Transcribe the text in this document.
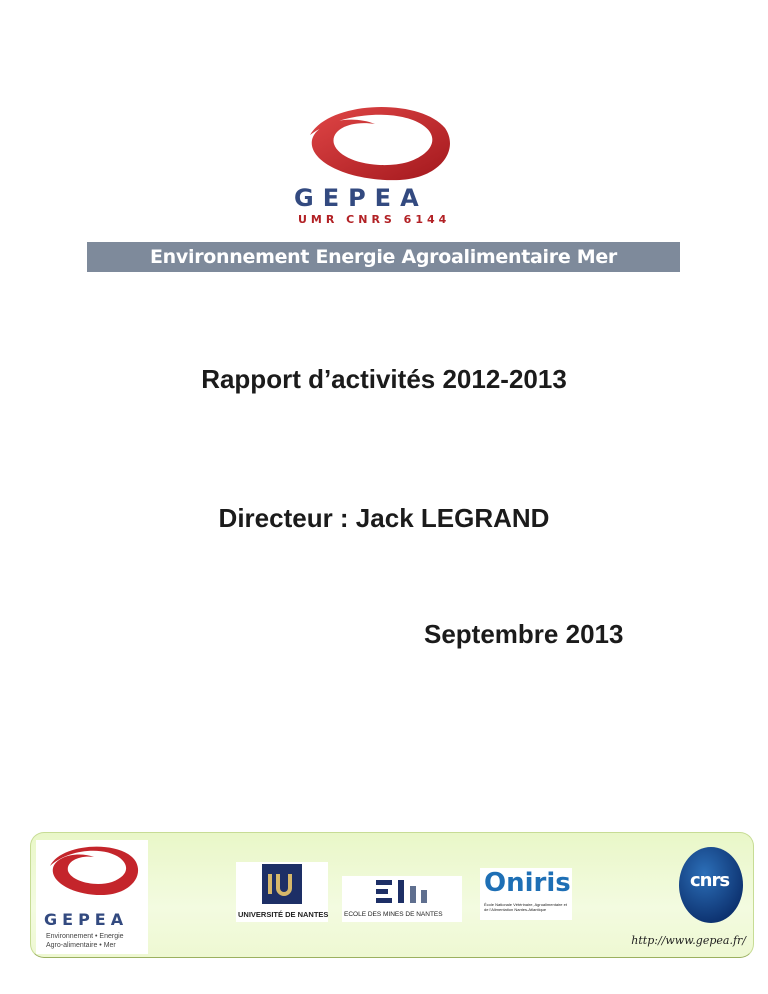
GEPEA
UMR CNRS 6144
Environnement Energie Agroalimentaire Mer
Rapport d’activités 2012-2013
Directeur : Jack LEGRAND
Septembre 2013
GEPEA
Environnement • Energie
Agro-alimentaire • Mer
UNIVERSITÉ DE NANTES ECOLE DES MINES DE NANTES
Oniris
École Nationale Vétérinaire, Agroalimentaire et de l'Alimentation Nantes-Atlantique
cnrs
http://www.gepea.fr/
